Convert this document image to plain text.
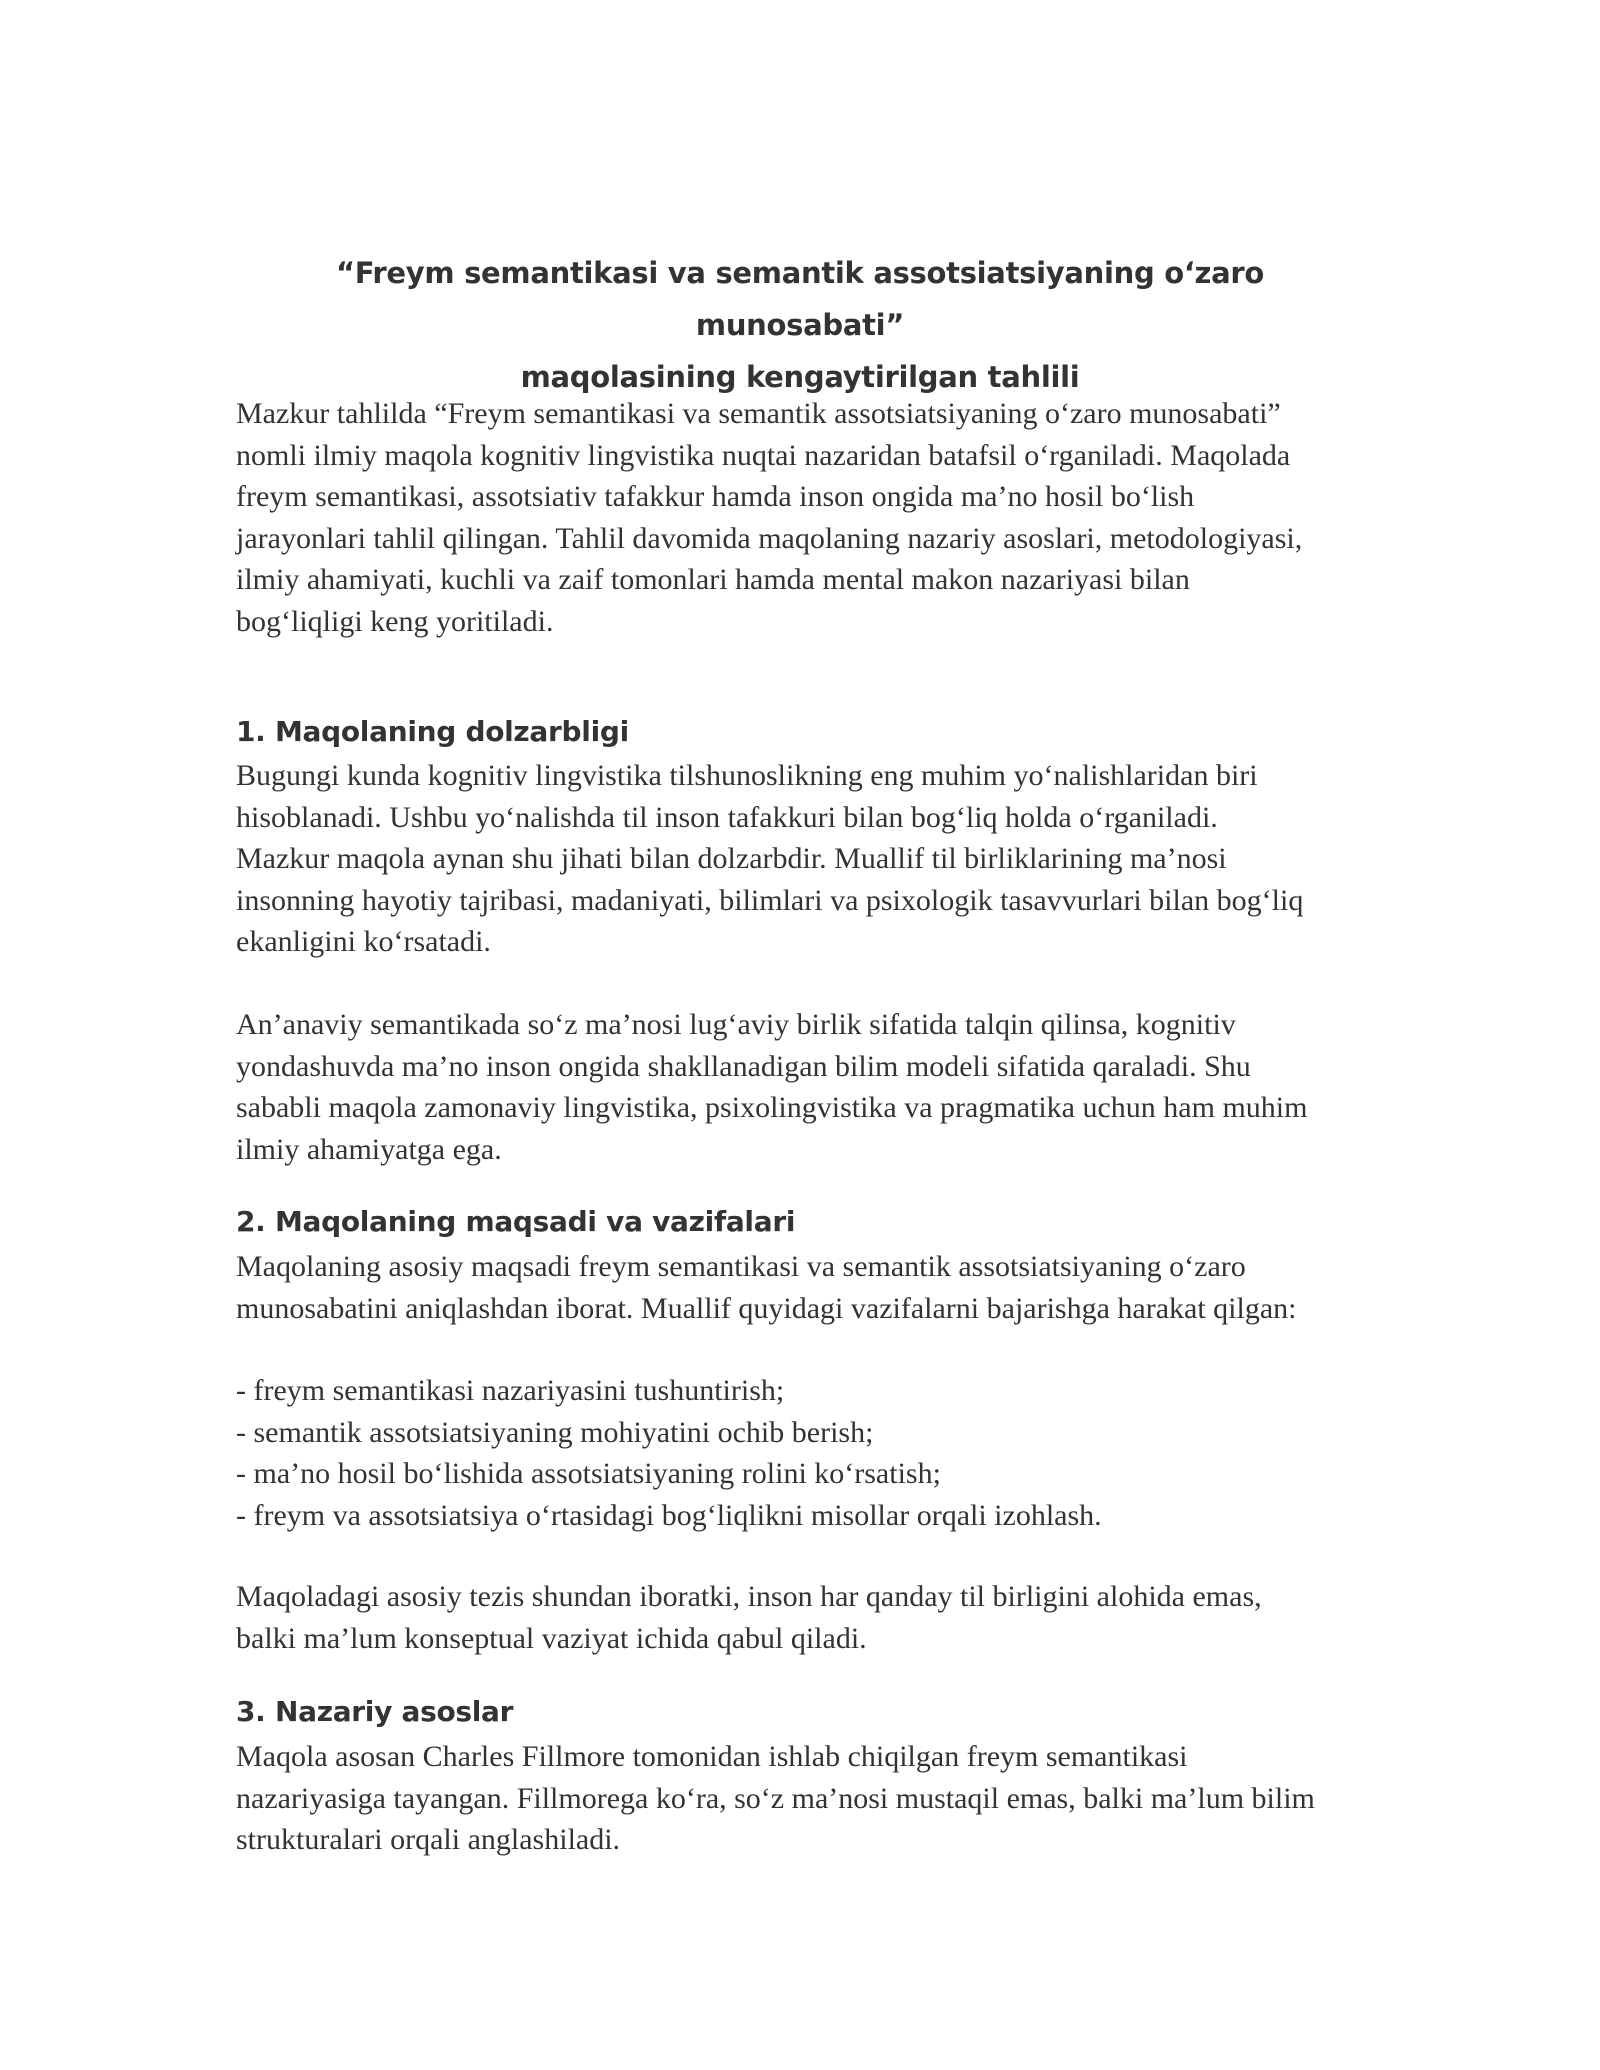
“Freym semantikasi va semantik assotsiatsiyaning o‘zaro munosabati”
maqolasining kengaytirilgan tahlili

Mazkur tahlilda “Freym semantikasi va semantik assotsiatsiyaning o‘zaro munosabati”
nomli ilmiy maqola kognitiv lingvistika nuqtai nazaridan batafsil o‘rganiladi. Maqolada
freym semantikasi, assotsiativ tafakkur hamda inson ongida ma’no hosil bo‘lish
jarayonlari tahlil qilingan. Tahlil davomida maqolaning nazariy asoslari, metodologiyasi,
ilmiy ahamiyati, kuchli va zaif tomonlari hamda mental makon nazariyasi bilan
bog‘liqligi keng yoritiladi.

1. Maqolaning dolzarbligi

Bugungi kunda kognitiv lingvistika tilshunoslikning eng muhim yo‘nalishlaridan biri
hisoblanadi. Ushbu yo‘nalishda til inson tafakkuri bilan bog‘liq holda o‘rganiladi.
Mazkur maqola aynan shu jihati bilan dolzarbdir. Muallif til birliklarining ma’nosi
insonning hayotiy tajribasi, madaniyati, bilimlari va psixologik tasavvurlari bilan bog‘liq
ekanligini ko‘rsatadi.

An’anaviy semantikada so‘z ma’nosi lug‘aviy birlik sifatida talqin qilinsa, kognitiv
yondashuvda ma’no inson ongida shakllanadigan bilim modeli sifatida qaraladi. Shu
sababli maqola zamonaviy lingvistika, psixolingvistika va pragmatika uchun ham muhim
ilmiy ahamiyatga ega.

2. Maqolaning maqsadi va vazifalari

Maqolaning asosiy maqsadi freym semantikasi va semantik assotsiatsiyaning o‘zaro
munosabatini aniqlashdan iborat. Muallif quyidagi vazifalarni bajarishga harakat qilgan:

- freym semantikasi nazariyasini tushuntirish;
- semantik assotsiatsiyaning mohiyatini ochib berish;
- ma’no hosil bo‘lishida assotsiatsiyaning rolini ko‘rsatish;
- freym va assotsiatsiya o‘rtasidagi bog‘liqlikni misollar orqali izohlash.

Maqoladagi asosiy tezis shundan iboratki, inson har qanday til birligini alohida emas,
balki ma’lum konseptual vaziyat ichida qabul qiladi.

3. Nazariy asoslar

Maqola asosan Charles Fillmore tomonidan ishlab chiqilgan freym semantikasi
nazariyasiga tayangan. Fillmorega ko‘ra, so‘z ma’nosi mustaqil emas, balki ma’lum bilim
strukturalari orqali anglashiladi.
